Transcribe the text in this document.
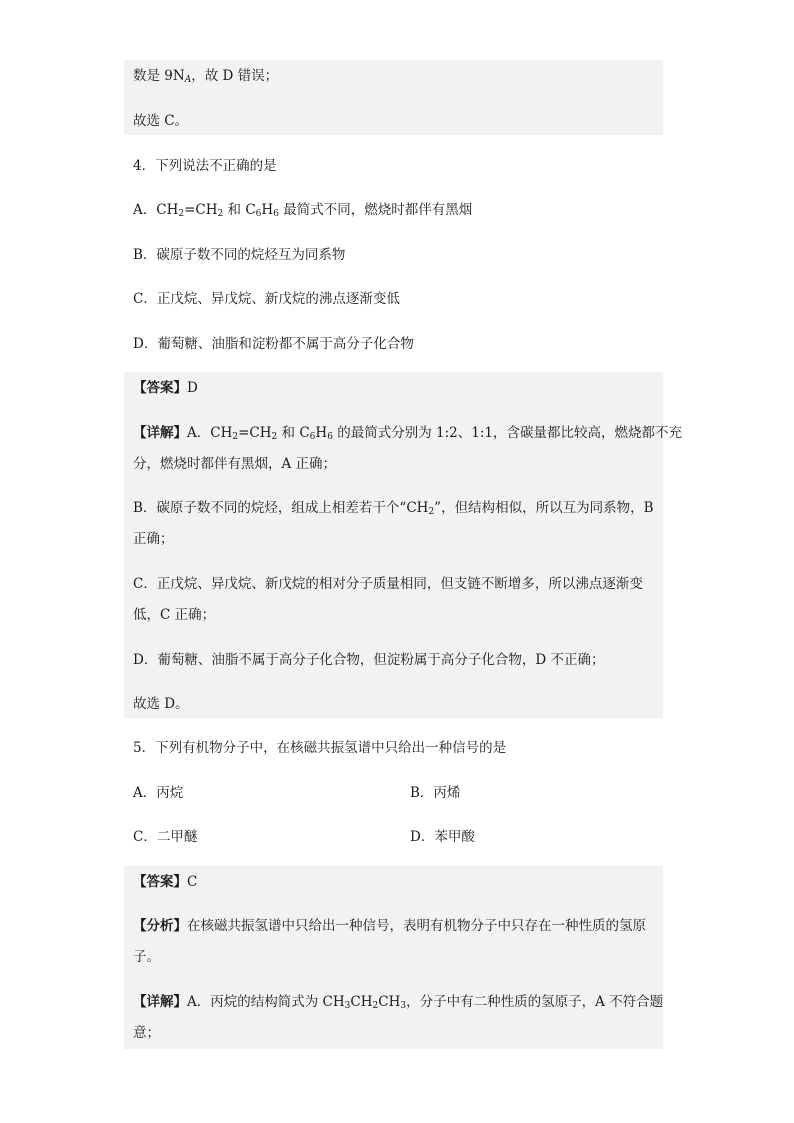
数是 $9N_A$，故 D 错误；
故选 C。
4．下列说法不正确的是
A．$CH_2=CH_2$ 和 $C_6H_6$ 最简式不同，燃烧时都伴有黑烟
B．碳原子数不同的烷烃互为同系物
C．正戊烷、异戊烷、新戊烷的沸点逐渐变低
D．葡萄糖、油脂和淀粉都不属于高分子化合物
【答案】D
【详解】A．$CH_2=CH_2$ 和 $C_6H_6$ 的最简式分别为 1:2、1:1，含碳量都比较高，燃烧都不充
分，燃烧时都伴有黑烟，A 正确；
B．碳原子数不同的烷烃，组成上相差若干个“$CH_2$”，但结构相似，所以互为同系物，B
正确；
C．正戊烷、异戊烷、新戊烷的相对分子质量相同，但支链不断增多，所以沸点逐渐变
低，C 正确；
D．葡萄糖、油脂不属于高分子化合物，但淀粉属于高分子化合物，D 不正确；
故选 D。
5．下列有机物分子中，在核磁共振氢谱中只给出一种信号的是
A．丙烷	B．丙烯
C．二甲醚	D．苯甲酸
【答案】C
【分析】在核磁共振氢谱中只给出一种信号，表明有机物分子中只存在一种性质的氢原
子。
【详解】A．丙烷的结构简式为 $CH_3CH_2CH_3$，分子中有二种性质的氢原子，A 不符合题
意；
